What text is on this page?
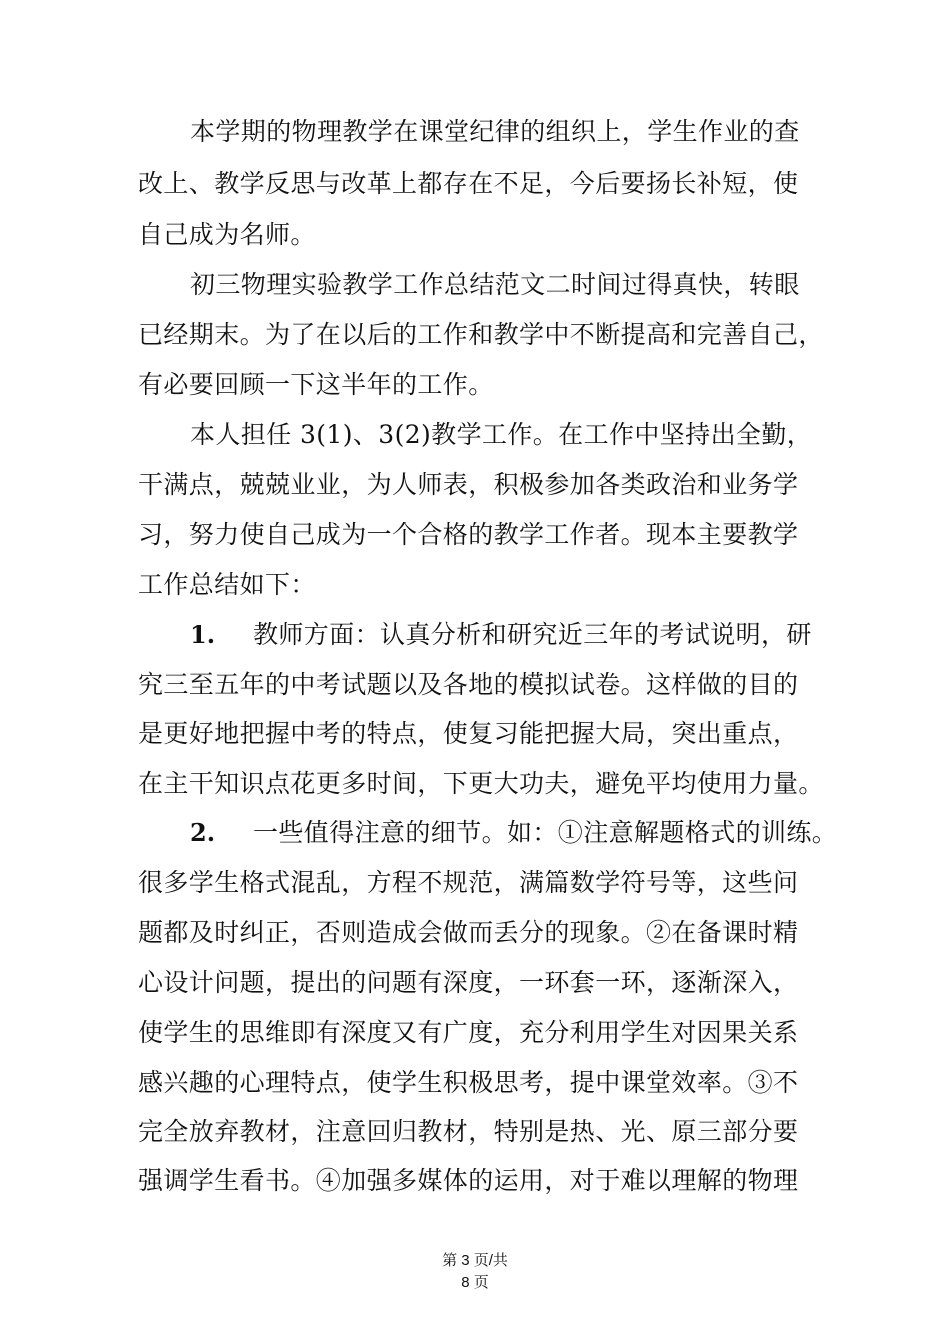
本学期的物理教学在课堂纪律的组织上，学生作业的查
改上、教学反思与改革上都存在不足，今后要扬长补短，使
自己成为名师。
初三物理实验教学工作总结范文二时间过得真快，转眼
已经期末。为了在以后的工作和教学中不断提高和完善自己，
有必要回顾一下这半年的工作。
本人担任 3(1)、3(2)教学工作。在工作中坚持出全勤，
干满点，兢兢业业，为人师表，积极参加各类政治和业务学
习，努力使自己成为一个合格的教学工作者。现本主要教学
工作总结如下：
1. 教师方面：认真分析和研究近三年的考试说明，研
究三至五年的中考试题以及各地的模拟试卷。这样做的目的
是更好地把握中考的特点，使复习能把握大局，突出重点，
在主干知识点花更多时间，下更大功夫，避免平均使用力量。
2. 一些值得注意的细节。如：①注意解题格式的训练。
很多学生格式混乱，方程不规范，满篇数学符号等，这些问
题都及时纠正，否则造成会做而丢分的现象。②在备课时精
心设计问题，提出的问题有深度，一环套一环，逐渐深入，
使学生的思维即有深度又有广度，充分利用学生对因果关系
感兴趣的心理特点，使学生积极思考，提中课堂效率。③不
完全放弃教材，注意回归教材，特别是热、光、原三部分要
强调学生看书。④加强多媒体的运用，对于难以理解的物理
第 3 页/共
8 页
